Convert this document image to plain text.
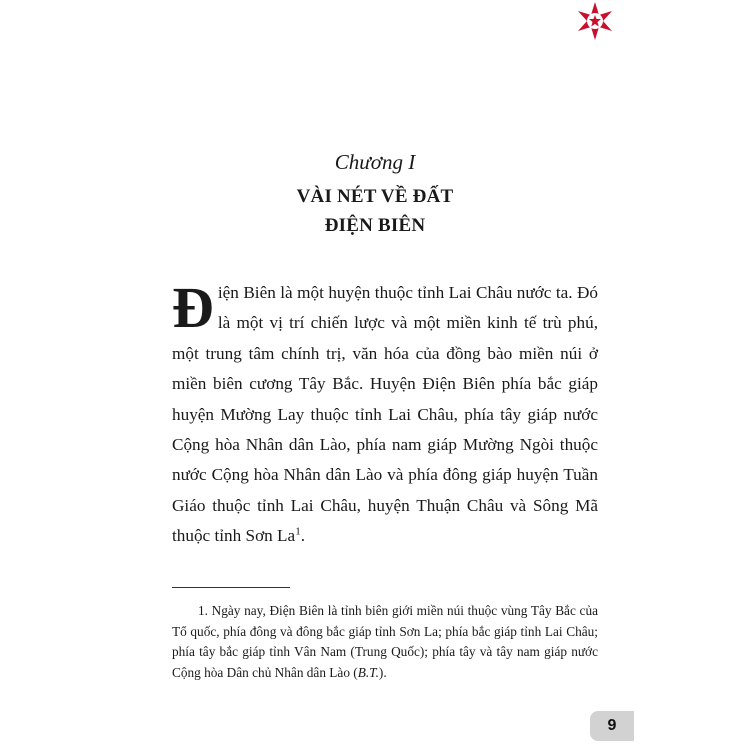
Chương I
VÀI NÉT VỀ ĐẤT
ĐIỆN BIÊN

Điện Biên là một huyện thuộc tỉnh Lai Châu nước ta. Đó là một vị trí chiến lược và một miền kinh tế trù phú, một trung tâm chính trị, văn hóa của đồng bào miền núi ở miền biên cương Tây Bắc. Huyện Điện Biên phía bắc giáp huyện Mường Lay thuộc tỉnh Lai Châu, phía tây giáp nước Cộng hòa Nhân dân Lào, phía nam giáp Mường Ngòi thuộc nước Cộng hòa Nhân dân Lào và phía đông giáp huyện Tuần Giáo thuộc tỉnh Lai Châu, huyện Thuận Châu và Sông Mã thuộc tỉnh Sơn La$^1$.

1. Ngày nay, Điện Biên là tỉnh biên giới miền núi thuộc vùng Tây Bắc của Tổ quốc, phía đông và đông bắc giáp tỉnh Sơn La; phía bắc giáp tỉnh Lai Châu; phía tây bắc giáp tỉnh Vân Nam (Trung Quốc); phía tây và tây nam giáp nước Cộng hòa Dân chủ Nhân dân Lào (B.T.).

9
